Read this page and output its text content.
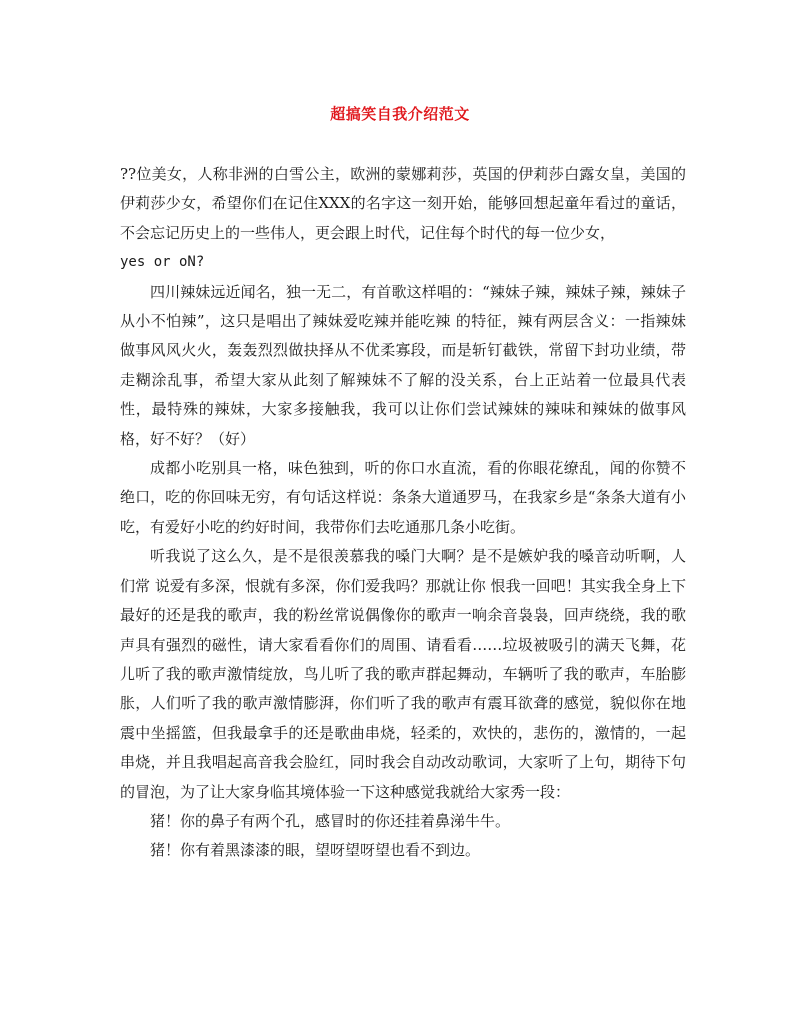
超搞笑自我介绍范文

??位美女，人称非洲的白雪公主，欧洲的蒙娜莉莎，英国的伊莉莎白露女皇，美国的伊莉莎少女，希望你们在记住XXX的名字这一刻开始，能够回想起童年看过的童话，不会忘记历史上的一些伟人，更会跟上时代，记住每个时代的每一位少女，

yes or oN?

四川辣妹远近闻名，独一无二，有首歌这样唱的：“辣妹子辣，辣妹子辣，辣妹子从小不怕辣”，这只是唱出了辣妹爱吃辣并能吃辣 的特征，辣有两层含义：一指辣妹做事风风火火，轰轰烈烈做抉择从不优柔寡段，而是斩钉截铁，常留下封功业绩，带走糊涂乱事，希望大家从此刻了解辣妹不了解的没关系，台上正站着一位最具代表性，最特殊的辣妹，大家多接触我，我可以让你们尝试辣妹的辣味和辣妹的做事风格，好不好？（好）

成都小吃别具一格，味色独到，听的你口水直流，看的你眼花缭乱，闻的你赞不绝口，吃的你回味无穷，有句话这样说：条条大道通罗马，在我家乡是“条条大道有小吃，有爱好小吃的约好时间，我带你们去吃通那几条小吃街。

听我说了这么久，是不是很羡慕我的嗓门大啊？是不是嫉妒我的嗓音动听啊，人们常 说爱有多深，恨就有多深，你们爱我吗？那就让你 恨我一回吧！其实我全身上下最好的还是我的歌声，我的粉丝常说偶像你的歌声一响余音袅袅，回声绕绕，我的歌声具有强烈的磁性，请大家看看你们的周围、请看看……垃圾被吸引的满天飞舞，花儿听了我的歌声激情绽放，鸟儿听了我的歌声群起舞动，车辆听了我的歌声，车胎膨胀，人们听了我的歌声激情膨湃，你们听了我的歌声有震耳欲聋的感觉，貌似你在地震中坐摇篮，但我最拿手的还是歌曲串烧，轻柔的，欢快的，悲伤的，激情的，一起串烧，并且我唱起高音我会脸红，同时我会自动改动歌词，大家听了上句，期待下句的冒泡，为了让大家身临其境体验一下这种感觉我就给大家秀一段：

猪！你的鼻子有两个孔，感冒时的你还挂着鼻涕牛牛。

猪！你有着黑漆漆的眼，望呀望呀望也看不到边。
